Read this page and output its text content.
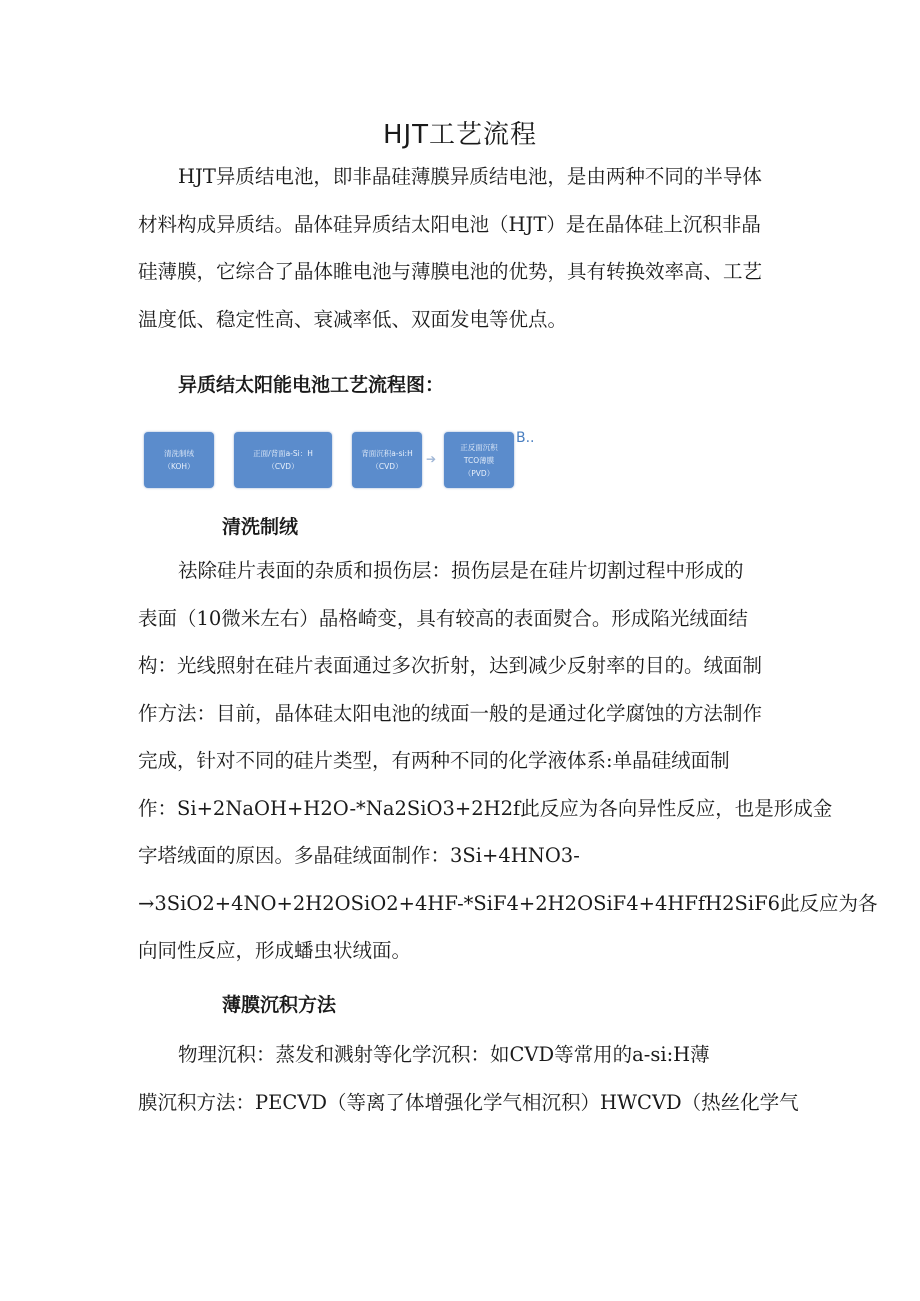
HJT工艺流程

HJT异质结电池，即非晶硅薄膜异质结电池，是由两种不同的半导体
材料构成异质结。晶体硅异质结太阳电池（HJT）是在晶体硅上沉积非晶
硅薄膜，它综合了晶体睢电池与薄膜电池的优势，具有转换效率高、工艺
温度低、稳定性高、衰减率低、双面发电等优点。

异质结太阳能电池工艺流程图：
清洗制绒
（KOH）
正面/背面a-Si：H
（CVD）
背面沉积a-si:H
（CVD）
➔
正反面沉积
TCO薄膜
（PVD）
B..
清洗制绒

祛除硅片表面的杂质和损伤层：损伤层是在硅片切割过程中形成的
表面（10微米左右）晶格崎变，具有较高的表面熨合。形成陷光绒面结
构：光线照射在硅片表面通过多次折射，达到减少反射率的目的。绒面制
作方法：目前，晶体硅太阳电池的绒面一般的是通过化学腐蚀的方法制作
完成，针对不同的硅片类型，有两种不同的化学液体系:单晶硅绒面制
作：Si+2NaOH+H2O-*Na2SiO3+2H2f此反应为各向异性反应，也是形成金
字塔绒面的原因。多晶硅绒面制作：3Si+4HNO3-
→3SiO2+4NO+2H2OSiO2+4HF-*SiF4+2H2OSiF4+4HFfH2SiF6此反应为各
向同性反应，形成蟠虫状绒面。

薄膜沉积方法

物理沉积：蒸发和溅射等化学沉积：如CVD等常用的a-si:H薄
膜沉积方法：PECVD（等离了体增强化学气相沉积）HWCVD（热丝化学气
